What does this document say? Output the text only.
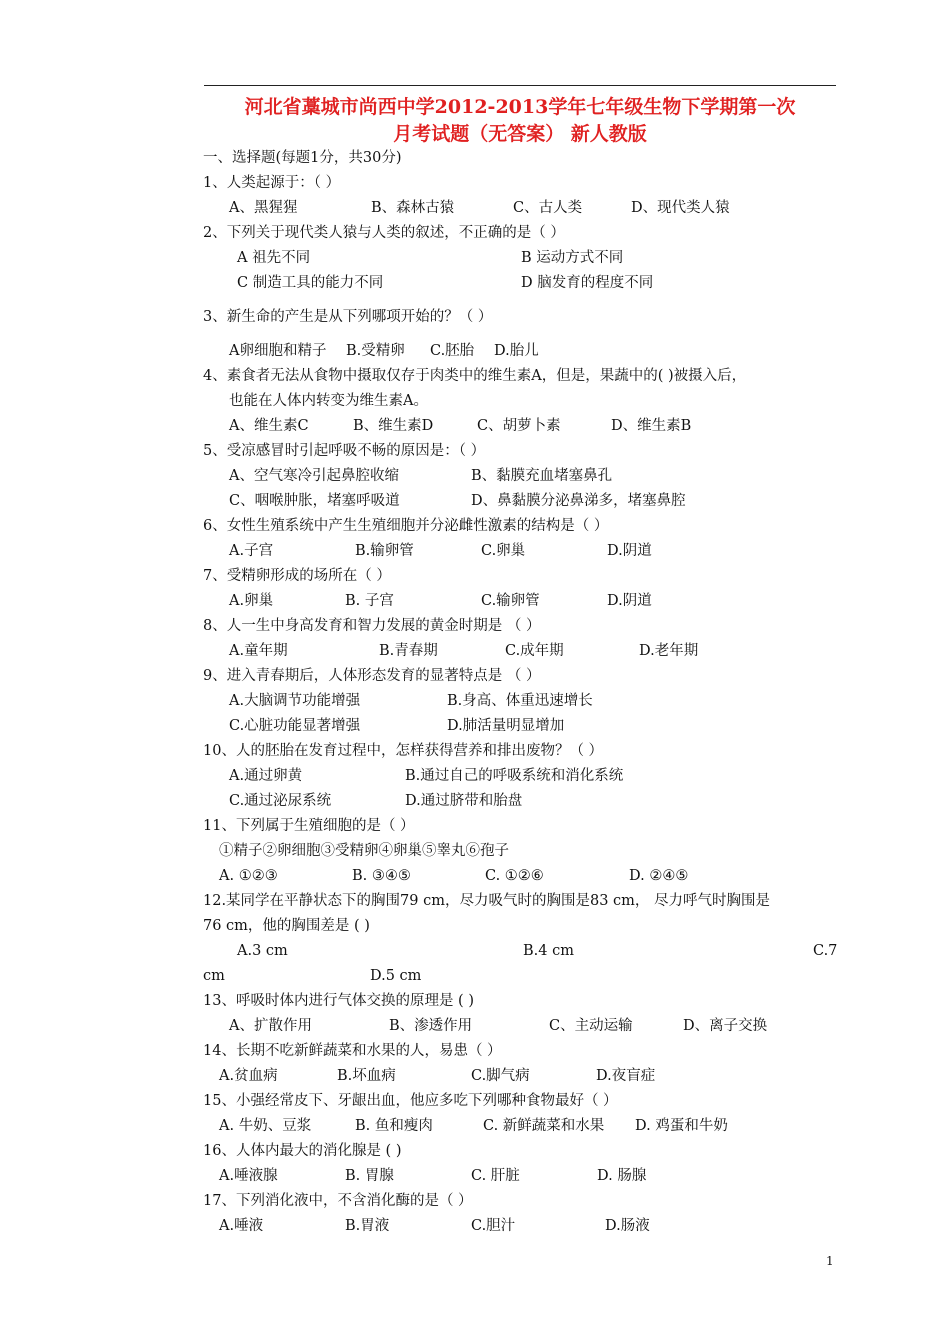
河北省藁城市尚西中学2012-2013学年七年级生物下学期第一次
月考试题（无答案） 新人教版
一、选择题(每题1分，共30分)
1、人类起源于：（ ）
A、黑猩猩	B、森林古猿	C、古人类	D、现代类人猿
2、下列关于现代类人猿与人类的叙述，不正确的是（ ）
A 祖先不同	B 运动方式不同
C 制造工具的能力不同	D 脑发育的程度不同
3、新生命的产生是从下列哪项开始的？（ ）
A卵细胞和精子 B.受精卵 C.胚胎 D.胎儿
4、素食者无法从食物中摄取仅存于肉类中的维生素A，但是，果蔬中的( )被摄入后，
也能在人体内转变为维生素A。
A、维生素C	B、维生素D	C、胡萝卜素	D、维生素B
5、受凉感冒时引起呼吸不畅的原因是：（ ）
A、空气寒冷引起鼻腔收缩	B、黏膜充血堵塞鼻孔
C、咽喉肿胀，堵塞呼吸道	D、鼻黏膜分泌鼻涕多，堵塞鼻腔
6、女性生殖系统中产生生殖细胞并分泌雌性激素的结构是（ ）
A.子宫	B.输卵管	C.卵巢	D.阴道
7、受精卵形成的场所在（ ）
A.卵巢	B. 子宫	C.输卵管	D.阴道
8、人一生中身高发育和智力发展的黄金时期是 （ ）
A.童年期	B.青春期	C.成年期	D.老年期
9、进入青春期后，人体形态发育的显著特点是 （ ）
A.大脑调节功能增强	B.身高、体重迅速增长
C.心脏功能显著增强	D.肺活量明显增加
10、人的胚胎在发育过程中，怎样获得营养和排出废物？（ ）
A.通过卵黄	B.通过自己的呼吸系统和消化系统
C.通过泌尿系统	D.通过脐带和胎盘
11、下列属于生殖细胞的是（ ）
①精子②卵细胞③受精卵④卵巢⑤睾丸⑥孢子
A. ①②③	B. ③④⑤	C. ①②⑥	D. ②④⑤
12.某同学在平静状态下的胸围79 cm，尽力吸气时的胸围是83 cm， 尽力呼气时胸围是
76 cm，他的胸围差是 ( )
A.3 cm	B.4 cm	C.7
cm	D.5 cm
13、呼吸时体内进行气体交换的原理是 ( )
A、扩散作用	B、渗透作用	C、主动运输	D、离子交换
14、长期不吃新鲜蔬菜和水果的人，易患（ ）
A.贫血病	B.坏血病	C.脚气病	D.夜盲症
15、小强经常皮下、牙龈出血，他应多吃下列哪种食物最好（ ）
A. 牛奶、豆浆	B. 鱼和瘦肉	C. 新鲜蔬菜和水果 D. 鸡蛋和牛奶
16、人体内最大的消化腺是 ( )
A.唾液腺	B. 胃腺	C. 肝脏	D. 肠腺
17、下列消化液中，不含消化酶的是（ ）
A.唾液	B.胃液	C.胆汁	D.肠液
1
